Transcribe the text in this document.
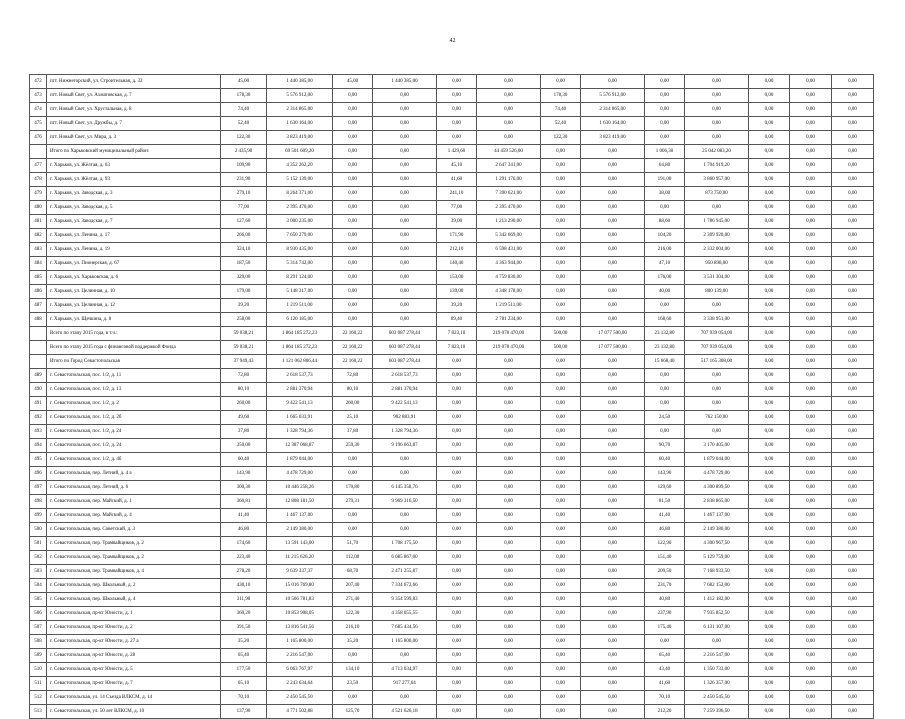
42
472	пгт. Нижнегорский, ул. Строительная, д. 32	45,00	1 440 385,00	45,00	1 440 385,00	0,00	0,00	0,00	0,00	0,00	0,00	0,00	0,00	0,00
473	пгт. Новый Свет, ул. Ахматовская, д. 7	178,30	5 576 912,00	0,00	0,00	0,00	0,00	178,30	5 576 912,00	0,00	0,00	0,00	0,00	0,00
474	пгт. Новый Свет, ул. Хрустальная, д. 8	74,40	2 314 865,00	0,00	0,00	0,00	0,00	74,40	2 314 865,00	0,00	0,00	0,00	0,00	0,00
475	пгт. Новый Свет, ул. Дружбы, д. 7	52,40	1 630 164,00	0,00	0,00	0,00	0,00	52,40	1 630 164,00	0,00	0,00	0,00	0,00	0,00
476	пгт. Новый Свет, ул. Мира, д. 3	122,30	3 823 419,00	0,00	0,00	0,00	0,00	122,30	3 823 419,00	0,00	0,00	0,00	0,00	0,00
	Итого по Харьковский муниципальный район:	2 435,90	69 501 609,20	0,00	0,00	1 429,60	44 459 526,00	0,00	0,00	1 006,30	25 042 083,20	0,00	0,00	0,00
477	г. Харьков, ул. Жёлтая, д. 63	109,90	4 352 262,20	0,00	0,00	45,10	2 647 341,00	0,00	0,00	64,80	1 704 919,20	0,00	0,00	0,00
478	г. Харьков, ул. Жёлтая, д. 93	231,90	5 152 139,00	0,00	0,00	41,60	1 291 176,00	0,00	0,00	191,00	3 860 957,00	0,00	0,00	0,00
479	г. Харьков, ул. Заводская, д. 3	279,10	8 264 371,00	0,00	0,00	241,10	7 390 621,00	0,00	0,00	38,00	873 750,00	0,00	0,00	0,00
480	г. Харьков, ул. Заводская, д. 5	77,00	2 395 470,00	0,00	0,00	77,00	2 395 470,00	0,00	0,00	0,00	0,00	0,00	0,00	0,00
481	г. Харьков, ул. Заводская, д. 7	127,60	3 000 235,00	0,00	0,00	39,00	1 213 290,00	0,00	0,00	88,60	1 786 945,00	0,00	0,00	0,00
482	г. Харьков, ул. Ленина, д. 17	266,00	7 650 279,00	0,00	0,00	171,90	5 342 669,00	0,00	0,00	104,20	2 309 920,00	0,00	0,00	0,00
483	г. Харьков, ул. Ленина, д. 19	324,10	8 930 435,00	0,00	0,00	212,10	6 598 431,00	0,00	0,00	216,00	2 332 004,00	0,00	0,00	0,00
484	г. Харьков, ул. Пионерская, д. 67	187,50	5 314 742,00	0,00	0,00	140,40	4 363 944,00	0,00	0,00	47,10	950 898,00	0,00	0,00	0,00
485	г. Харьков, ул. Харьковская, д. 6	329,00	8 291 124,00	0,00	0,00	153,00	4 759 830,00	0,00	0,00	176,00	3 531 304,00	0,00	0,00	0,00
486	г. Харьков, ул. Целинная, д. 10	179,00	5 148 317,00	0,00	0,00	139,00	4 348 178,00	0,00	0,00	40,00	800 139,00	0,00	0,00	0,00
487	г. Харьков, ул. Целинная, д. 12	39,20	1 219 511,00	0,00	0,00	39,20	1 219 511,00	0,00	0,00	0,00	0,00	0,00	0,00	0,00
488	г. Харьков, ул. Щечкина, д. 8	258,00	6 120 185,00	0,00	0,00	89,40	2 781 234,00	0,00	0,00	168,60	3 338 951,00	0,00	0,00	0,00
	Всего по этапу 2015 года, в т.ч.:	59 038,21	1 864 185 272,23	22 160,22	603 087 278,44	7 823,10	219 078 470,00	500,00	17 077 500,00	23 132,80	707 939 054,00	0,00	0,00	0,00
	Всего по этапу 2015 года с финансовой поддержкой Фонда	59 038,21	1 864 185 272,23	22 160,22	603 087 278,44	7 823,10	219 078 470,00	500,00	17 077 500,00	23 132,80	707 939 054,00	0,00	0,00	0,00
	Итого по Город Севастопольская	37 949,43	1 121 062 806,44	22 160,22	603 087 278,44	0,00	0,00	0,00	0,00	15 668,40	517 165 308,00	0,00	0,00	0,00
489	г. Севастопольская, пос. 1/2, д. 11	72,80	2 618 537,73	72,80	2 618 537,73	0,00	0,00	0,00	0,00	0,00	0,00	0,00	0,00	0,00
490	г. Севастопольская, пос. 1/2, д. 13	80,10	2 881 370,94	80,10	2 881 370,94	0,00	0,00	0,00	0,00	0,00	0,00	0,00	0,00	0,00
491	г. Севастопольская, пос. 1/2, д. 2	260,00	9 422 541,13	260,00	9 422 541,13	0,00	0,00	0,00	0,00	0,00	0,00	0,00	0,00	0,00
492	г. Севастопольская, пос. 1/2, д. 2б	49,60	1 665 033,91	25,10	902 883,91	0,00	0,00	0,00	0,00	24,50	762 150,00	0,00	0,00	0,00
493	г. Севастопольская, пос. 1/2, д. 24	37,80	1 328 794,36	37,80	1 328 794,36	0,00	0,00	0,00	0,00	0,00	0,00	0,00	0,00	0,00
494	г. Севастопольская, пос. 1/2, д. 24	350,00	12 387 068,87	259,30	9 196 663,87	0,00	0,00	0,00	0,00	90,70	3 170 405,00	0,00	0,00	0,00
495	г. Севастопольская, пос. 1/2, д. 4б	60,40	1 879 044,00	0,00	0,00	0,00	0,00	0,00	0,00	60,40	1 879 044,00	0,00	0,00	0,00
496	г. Севастопольская, пер. Летний, д. 4 а	143,90	4 478 729,00	0,00	0,00	0,00	0,00	0,00	0,00	143,90	4 478 729,00	0,00	0,00	0,00
497	г. Севастопольская, пер. Летний, д. 6	300,30	10 446 258,26	170,80	6 145 358,76	0,00	0,00	0,00	0,00	129,60	4 300 899,50	0,00	0,00	0,00
498	г. Севастопольская, пер. Майский, д. 1	360,81	12 808 181,50	279,31	9 969 316,50	0,00	0,00	0,00	0,00	81,50	2 838 865,00	0,00	0,00	0,00
499	г. Севастопольская, пер. Майский, д. 4	41,40	1 467 137,00	0,00	0,00	0,00	0,00	0,00	0,00	41,40	1 467 137,00	0,00	0,00	0,00
500	г. Севастопольская, пер. Советский, д. 3	46,80	2 149 380,00	0,00	0,00	0,00	0,00	0,00	0,00	46,80	2 149 380,00	0,00	0,00	0,00
501	г. Севастопольская, пер. Трамвайщиков, д. 2	174,60	13 591 143,00	51,70	1 708 175,50	0,00	0,00	0,00	0,00	122,90	4 300 967,50	0,00	0,00	0,00
502	г. Севастопольская, пер. Трамвайщиков, д. 2	223,40	11 215 626,20	112,00	6 085 867,00	0,00	0,00	0,00	0,00	151,40	5 129 759,00	0,00	0,00	0,00
503	г. Севастопольская, пер. Трамвайщиков, д. 4	278,20	9 639 337,37	68,70	2 471 255,87	0,00	0,00	0,00	0,00	209,50	7 168 933,50	0,00	0,00	0,00
504	г. Севастопольская, пер. Школьный, д. 2	438,10	15 016 769,80	207,40	7 334 672,66	0,00	0,00	0,00	0,00	231,70	7 682 152,00	0,00	0,00	0,00
505	г. Севастопольская, пер. Школьный, д. 4	311,90	10 566 781,83	271,40	9 354 599,83	0,00	0,00	0,00	0,00	40,80	1 412 182,00	0,00	0,00	0,00
506	г. Севастопольская, пр-кт Юности, д. 1	360,20	10 853 908,05	122,30	4 358 055,55	0,00	0,00	0,00	0,00	237,90	7 935 852,50	0,00	0,00	0,00
507	г. Севастопольская, пр-кт Юности, д. 2	391,50	13 816 541,56	216,10	7 685 434,56	0,00	0,00	0,00	0,00	175,40	6 131 107,00	0,00	0,00	0,00
508	г. Севастопольская, пр-кт Юности, д. 27 а	35,20	1 165 800,00	35,20	1 165 800,00	0,00	0,00	0,00	0,00	0,00	0,00	0,00	0,00	0,00
509	г. Севастопольская, пр-кт Юности, д. 28	65,40	2 216 547,00	0,00	0,00	0,00	0,00	0,00	0,00	65,40	2 216 547,00	0,00	0,00	0,00
510	г. Севастопольская, пр-кт Юности, д. 5	177,50	6 063 767,97	134,10	4 713 034,97	0,00	0,00	0,00	0,00	43,40	1 350 733,00	0,00	0,00	0,00
511	г. Севастопольская, пр-кт Юности, д. 7	65,10	2 243 634,64	23,50	917 277,64	0,00	0,00	0,00	0,00	41,60	1 326 357,00	0,00	0,00	0,00
512	г. Севастопольская, ул. 14 Съезда ВЛКСМ, д. 14	70,10	2 450 545,50	0,00	0,00	0,00	0,00	0,00	0,00	70,10	2 450 545,50	0,00	0,00	0,00
513	г. Севастопольская, ул. 50 лет ВЛКСМ, д. 10	137,90	4 771 502,88	125,70	4 521 626,18	0,00	0,00	0,00	0,00	212,20	7 259 396,50	0,00	0,00	0,00
